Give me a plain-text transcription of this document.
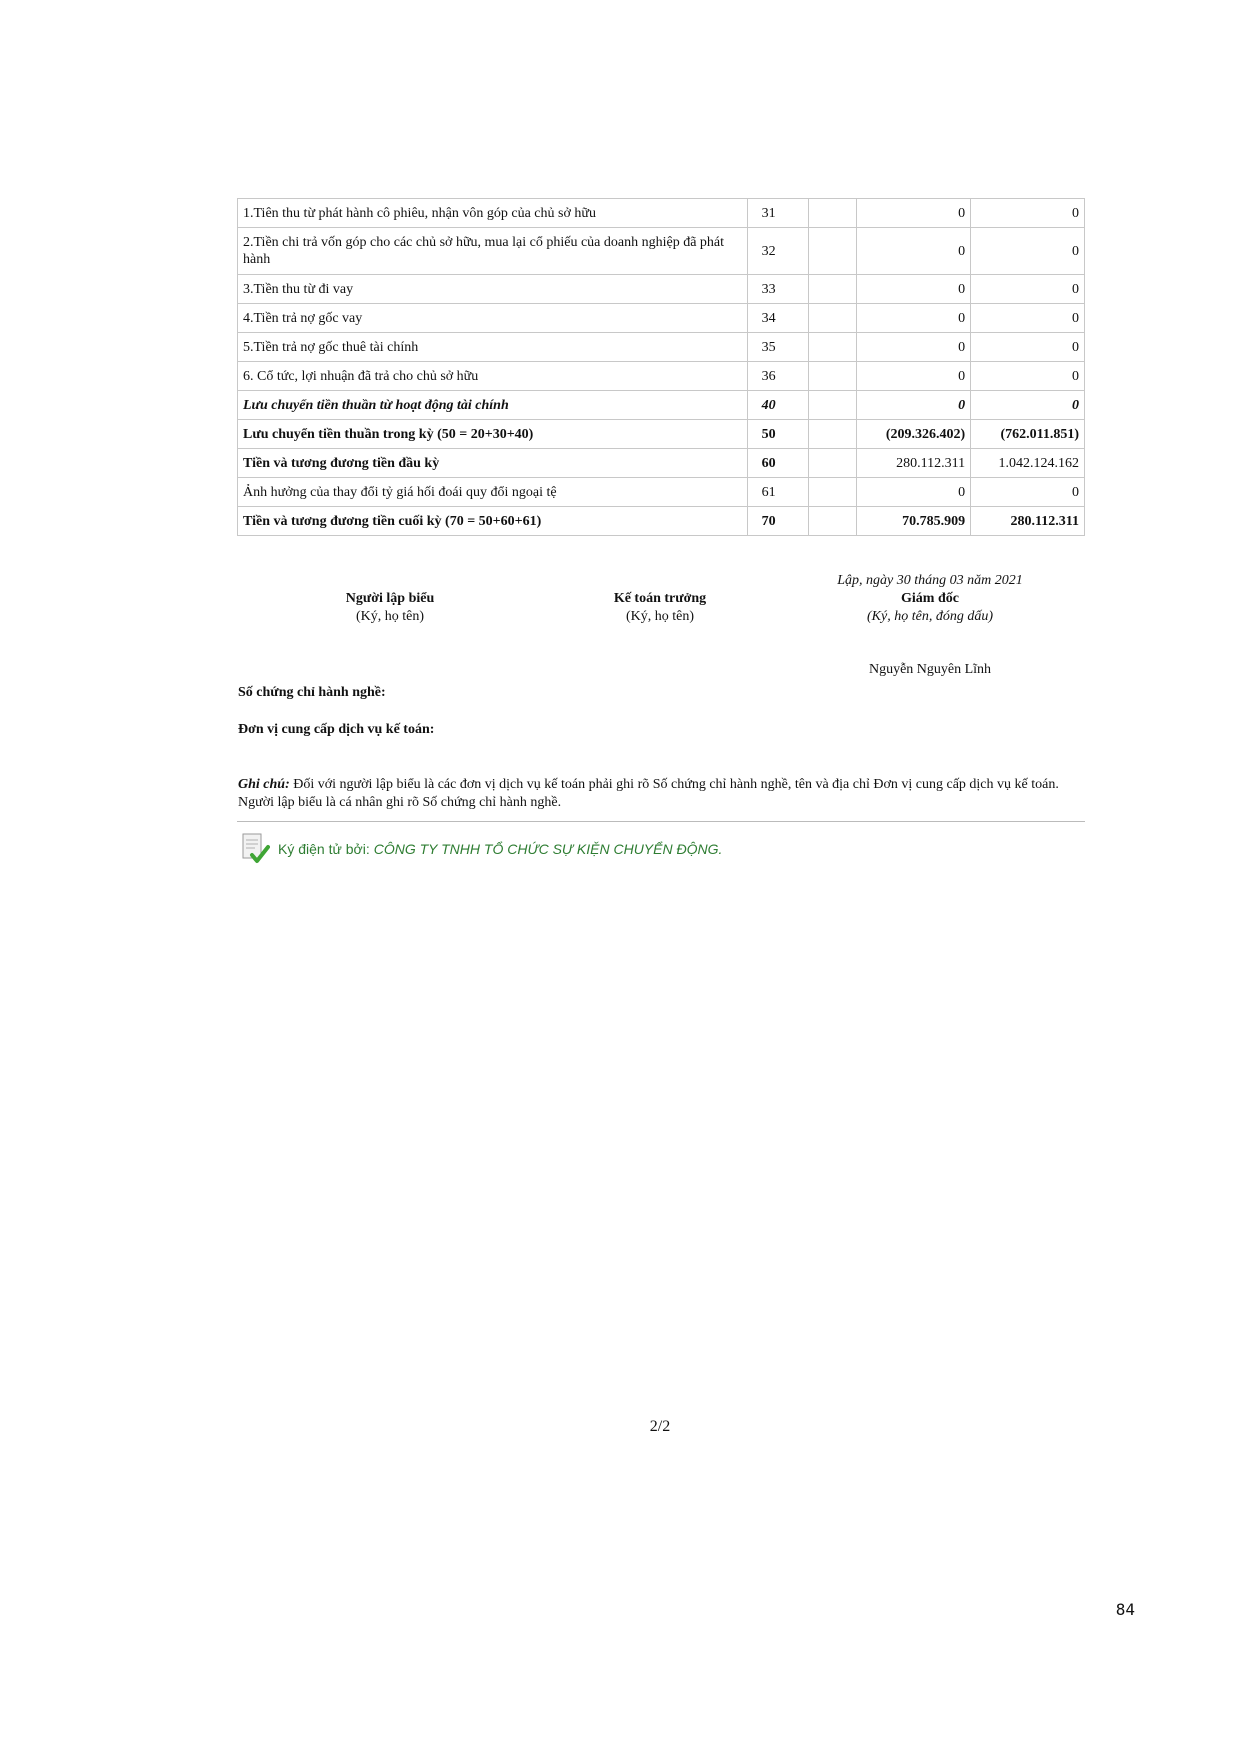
1.Tiên thu từ phát hành cô phiêu, nhận vôn góp của chủ sở hữu	31		0	0
2.Tiền chi trả vốn góp cho các chủ sở hữu, mua lại cổ phiếu của doanh nghiệp đã phát hành	32		0	0
3.Tiền thu từ đi vay	33		0	0
4.Tiền trả nợ gốc vay	34		0	0
5.Tiền trả nợ gốc thuê tài chính	35		0	0
6. Cổ tức, lợi nhuận đã trả cho chủ sở hữu	36		0	0
Lưu chuyển tiền thuần từ hoạt động tài chính	40		0	0
Lưu chuyển tiền thuần trong kỳ (50 = 20+30+40)	50		(209.326.402)	(762.011.851)
Tiền và tương đương tiền đầu kỳ	60		280.112.311	1.042.124.162
Ảnh hưởng của thay đổi tỷ giá hối đoái quy đổi ngoại tệ	61		0	0
Tiền và tương đương tiền cuối kỳ (70 = 50+60+61)	70		70.785.909	280.112.311
Lập, ngày 30 tháng 03 năm 2021
Người lập biểu
(Ký, họ tên)
Kế toán trưởng
(Ký, họ tên)
Giám đốc
(Ký, họ tên, đóng dấu)
Nguyễn Nguyên Lĩnh
Số chứng chỉ hành nghề:
Đơn vị cung cấp dịch vụ kế toán:
Ghi chú: Đối với người lập biểu là các đơn vị dịch vụ kế toán phải ghi rõ Số chứng chỉ hành nghề, tên và địa chỉ Đơn vị cung cấp dịch vụ kế toán. Người lập biểu là cá nhân ghi rõ Số chứng chỉ hành nghề.
Ký điện tử bởi: CÔNG TY TNHH TỔ CHỨC SỰ KIỆN CHUYỂN ĐỘNG.
2/2
84
